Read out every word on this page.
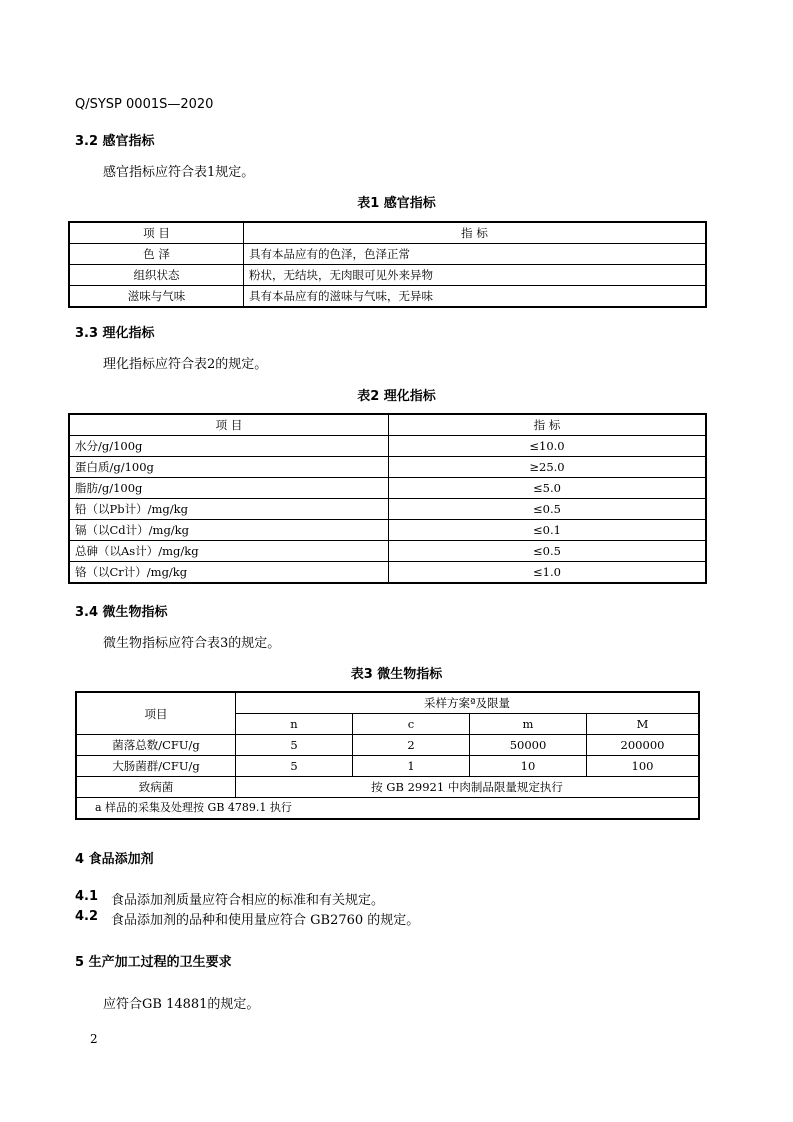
Q/SYSP 0001S—2020
3.2 感官指标
感官指标应符合表1规定。
表1 感官指标
项 目	指 标
色 泽	具有本品应有的色泽，色泽正常
组织状态	粉状，无结块，无肉眼可见外来异物
滋味与气味	具有本品应有的滋味与气味，无异味
3.3 理化指标
理化指标应符合表2的规定。
表2 理化指标
项 目	指 标
水分/g/100g	≤10.0
蛋白质/g/100g	≥25.0
脂肪/g/100g	≤5.0
铅（以Pb计）/mg/kg	≤0.5
镉（以Cd计）/mg/kg	≤0.1
总砷（以As计）/mg/kg	≤0.5
铬（以Cr计）/mg/kg	≤1.0
3.4 微生物指标
微生物指标应符合表3的规定。
表3 微生物指标
项目	采样方案ª及限量			
	n	c	m	M
菌落总数/CFU/g	5	2	50000	200000
大肠菌群/CFU/g	5	1	10	100
致病菌	按 GB 29921 中肉制品限量规定执行			
a 样品的采集及处理按 GB 4789.1 执行				
4 食品添加剂
4.1 食品添加剂质量应符合相应的标准和有关规定。
4.2 食品添加剂的品种和使用量应符合 GB2760 的规定。
5 生产加工过程的卫生要求
应符合GB 14881的规定。
2
